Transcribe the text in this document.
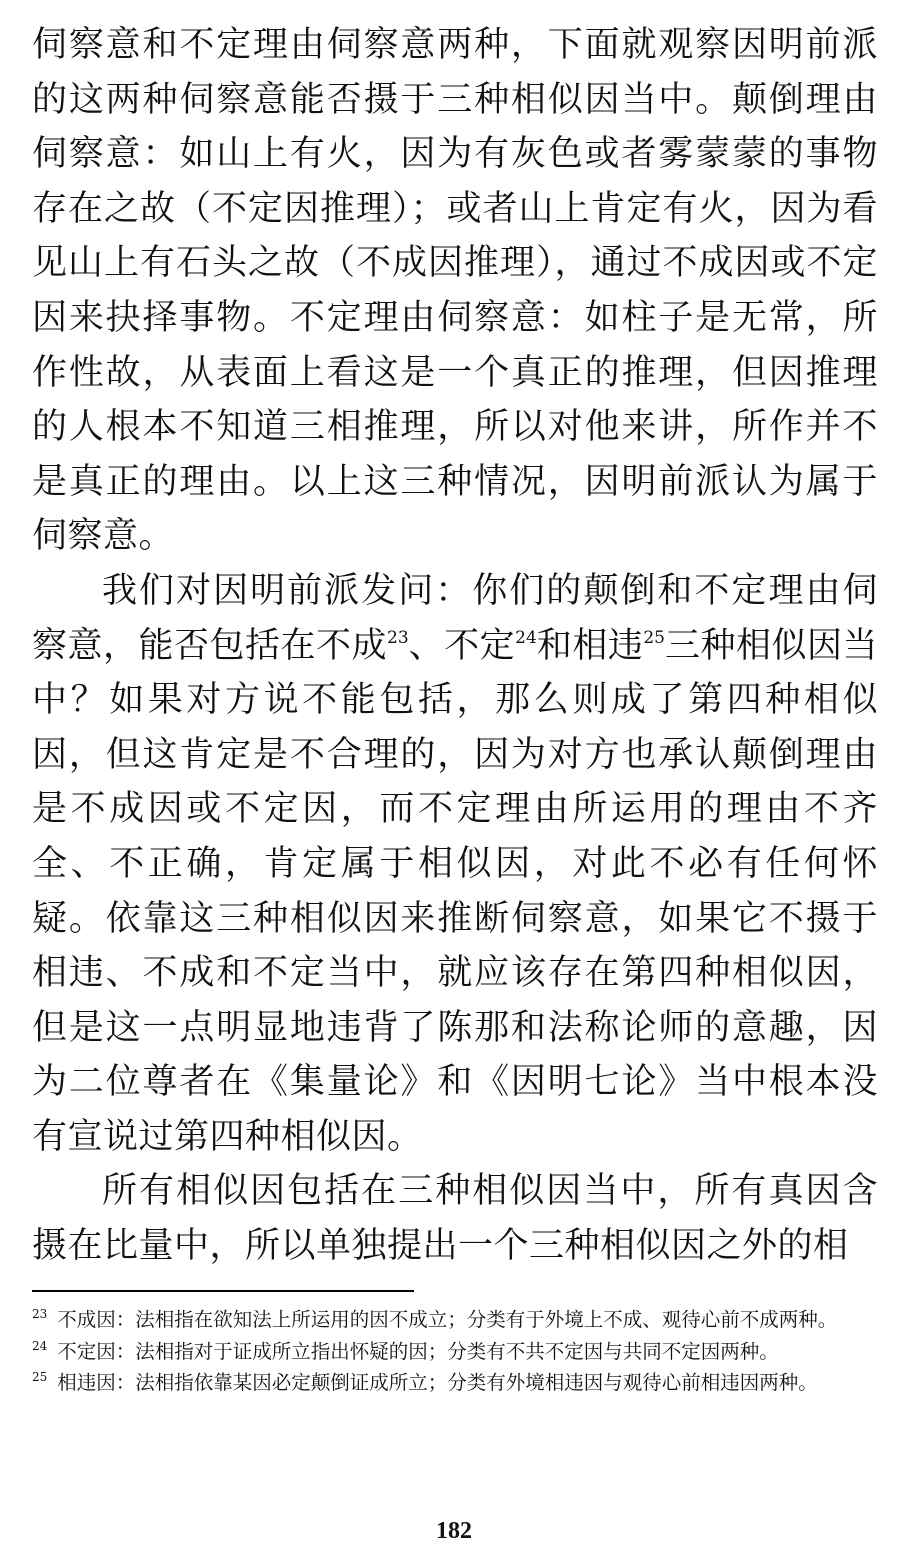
伺察意和不定理由伺察意两种，下面就观察因明前派的这两种伺察意能否摄于三种相似因当中。颠倒理由伺察意：如山上有火，因为有灰色或者雾蒙蒙的事物存在之故（不定因推理）；或者山上肯定有火，因为看见山上有石头之故（不成因推理），通过不成因或不定因来抉择事物。不定理由伺察意：如柱子是无常，所作性故，从表面上看这是一个真正的推理，但因推理的人根本不知道三相推理，所以对他来讲，所作并不是真正的理由。以上这三种情况，因明前派认为属于伺察意。

我们对因明前派发问：你们的颠倒和不定理由伺察意，能否包括在不成$^{23}$、不定$^{24}$和相违$^{25}$三种相似因当中？如果对方说不能包括，那么则成了第四种相似因，但这肯定是不合理的，因为对方也承认颠倒理由是不成因或不定因，而不定理由所运用的理由不齐全、不正确，肯定属于相似因，对此不必有任何怀疑。依靠这三种相似因来推断伺察意，如果它不摄于相违、不成和不定当中，就应该存在第四种相似因，但是这一点明显地违背了陈那和法称论师的意趣，因为二位尊者在《集量论》和《因明七论》当中根本没有宣说过第四种相似因。

所有相似因包括在三种相似因当中，所有真因含摄在比量中，所以单独提出一个三种相似因之外的相

$^{23}$ 不成因：法相指在欲知法上所运用的因不成立；分类有于外境上不成、观待心前不成两种。

$^{24}$ 不定因：法相指对于证成所立指出怀疑的因；分类有不共不定因与共同不定因两种。

$^{25}$ 相违因：法相指依靠某因必定颠倒证成所立；分类有外境相违因与观待心前相违因两种。

182
